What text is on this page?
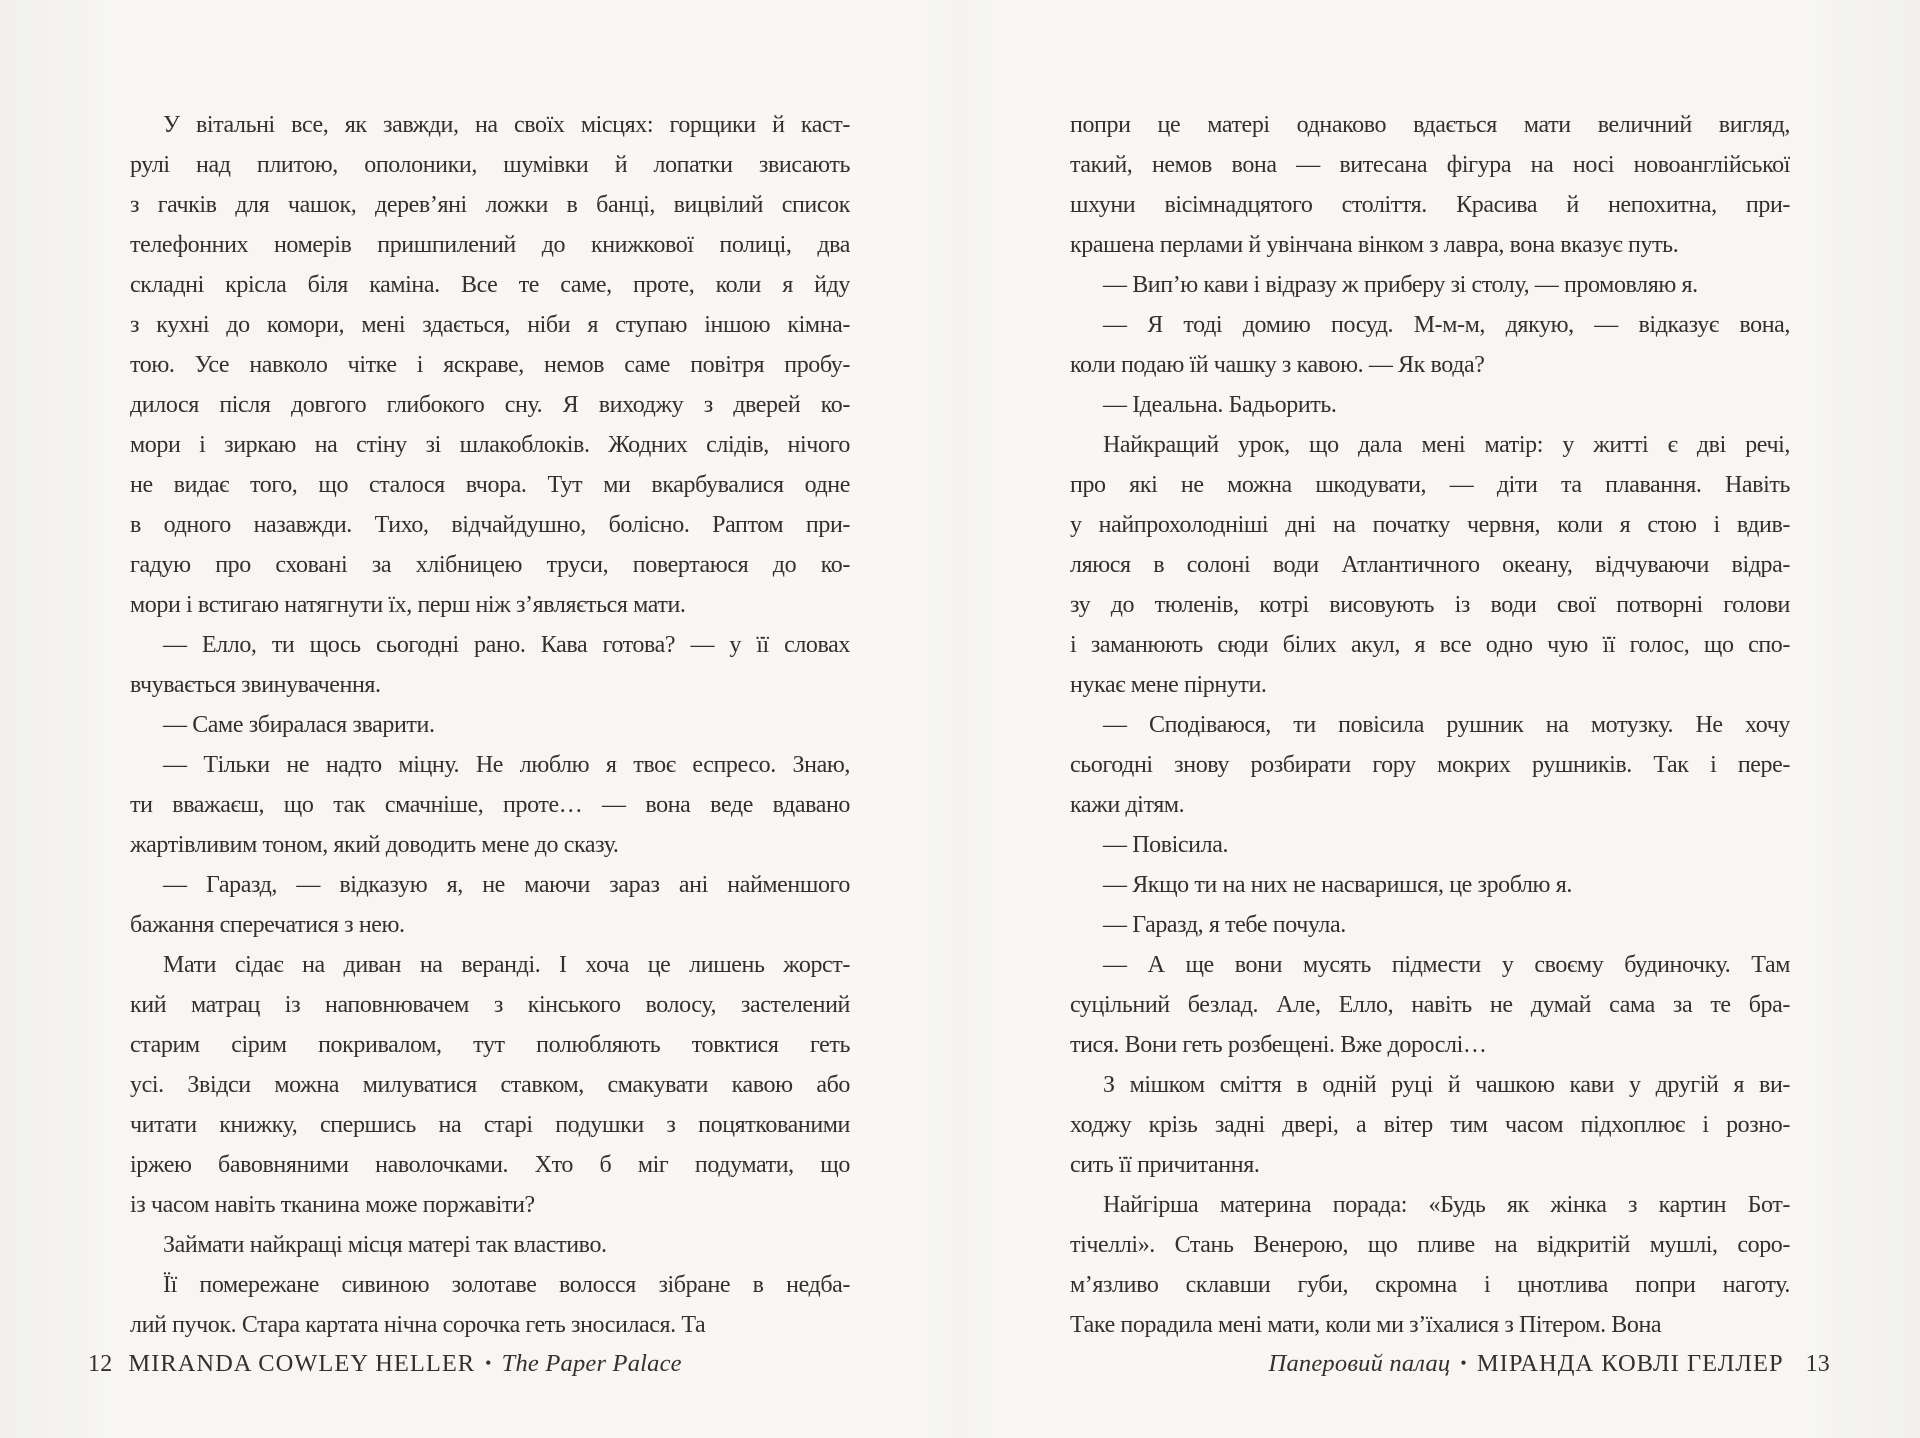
У вітальні все, як завжди, на своїх місцях: горщики й каст-
рулі над плитою, ополоники, шумівки й лопатки звисають
з гачків для чашок, дерев’яні ложки в банці, вицвілий список
телефонних номерів пришпилений до книжкової полиці, два
складні крісла біля каміна. Все те саме, проте, коли я йду
з кухні до комори, мені здається, ніби я ступаю іншою кімна-
тою. Усе навколо чітке і яскраве, немов саме повітря пробу-
дилося після довгого глибокого сну. Я виходжу з дверей ко-
мори і зиркаю на стіну зі шлакоблоків. Жодних слідів, нічого
не видає того, що сталося вчора. Тут ми вкарбувалися одне
в одного назавжди. Тихо, відчайдушно, болісно. Раптом при-
гадую про сховані за хлібницею труси, повертаюся до ко-
мори і встигаю натягнути їх, перш ніж з’являється мати.
— Елло, ти щось сьогодні рано. Кава готова? — у її словах
вчувається звинувачення.
— Саме збиралася зварити.
— Тільки не надто міцну. Не люблю я твоє еспресо. Знаю,
ти вважаєш, що так смачніше, проте… — вона веде вдавано
жартівливим тоном, який доводить мене до сказу.
— Гаразд, — відказую я, не маючи зараз ані найменшого
бажання сперечатися з нею.
Мати сідає на диван на веранді. І хоча це лишень жорст-
кий матрац із наповнювачем з кінського волосу, застелений
старим сірим покривалом, тут полюбляють товктися геть
усі. Звідси можна милуватися ставком, смакувати кавою або
читати книжку, спершись на старі подушки з поцяткованими
іржею бавовняними наволочками. Хто б міг подумати, що
із часом навіть тканина може поржавіти?
Займати найкращі місця матері так властиво.
Її помережане сивиною золотаве волосся зібране в недба-
лий пучок. Стара картата нічна сорочка геть зносилася. Та
попри це матері однаково вдається мати величний вигляд,
такий, немов вона — витесана фігура на носі новоанглійської
шхуни вісімнадцятого століття. Красива й непохитна, при-
крашена перлами й увінчана вінком з лавра, вона вказує путь.
— Вип’ю кави і відразу ж приберу зі столу, — промовляю я.
— Я тоді домию посуд. М-м-м, дякую, — відказує вона,
коли подаю їй чашку з кавою. — Як вода?
— Ідеальна. Бадьорить.
Найкращий урок, що дала мені матір: у житті є дві речі,
про які не можна шкодувати, — діти та плавання. Навіть
у найпрохолодніші дні на початку червня, коли я стою і вдив-
ляюся в солоні води Атлантичного океану, відчуваючи відра-
зу до тюленів, котрі висовують із води свої потворні голови
і заманюють сюди білих акул, я все одно чую її голос, що спо-
нукає мене пірнути.
— Сподіваюся, ти повісила рушник на мотузку. Не хочу
сьогодні знову розбирати гору мокрих рушників. Так і пере-
кажи дітям.
— Повісила.
— Якщо ти на них не насваришся, це зроблю я.
— Гаразд, я тебе почула.
— А ще вони мусять підмести у своєму будиночку. Там
суцільний безлад. Але, Елло, навіть не думай сама за те бра-
тися. Вони геть розбещені. Вже дорослі…
З мішком сміття в одній руці й чашкою кави у другій я ви-
ходжу крізь задні двері, а вітер тим часом підхоплює і розно-
сить її причитання.
Найгірша материна порада: «Будь як жінка з картин Бот-
тічеллі». Стань Венерою, що пливе на відкритій мушлі, соро-
м’язливо склавши губи, скромна і цнотлива попри наготу.
Таке порадила мені мати, коли ми з’їхалися з Пітером. Вона
12 MIRANDA COWLEY HELLER • The Paper Palace	Паперовий палац • МІРАНДА КОВЛІ ГЕЛЛЕР 13
